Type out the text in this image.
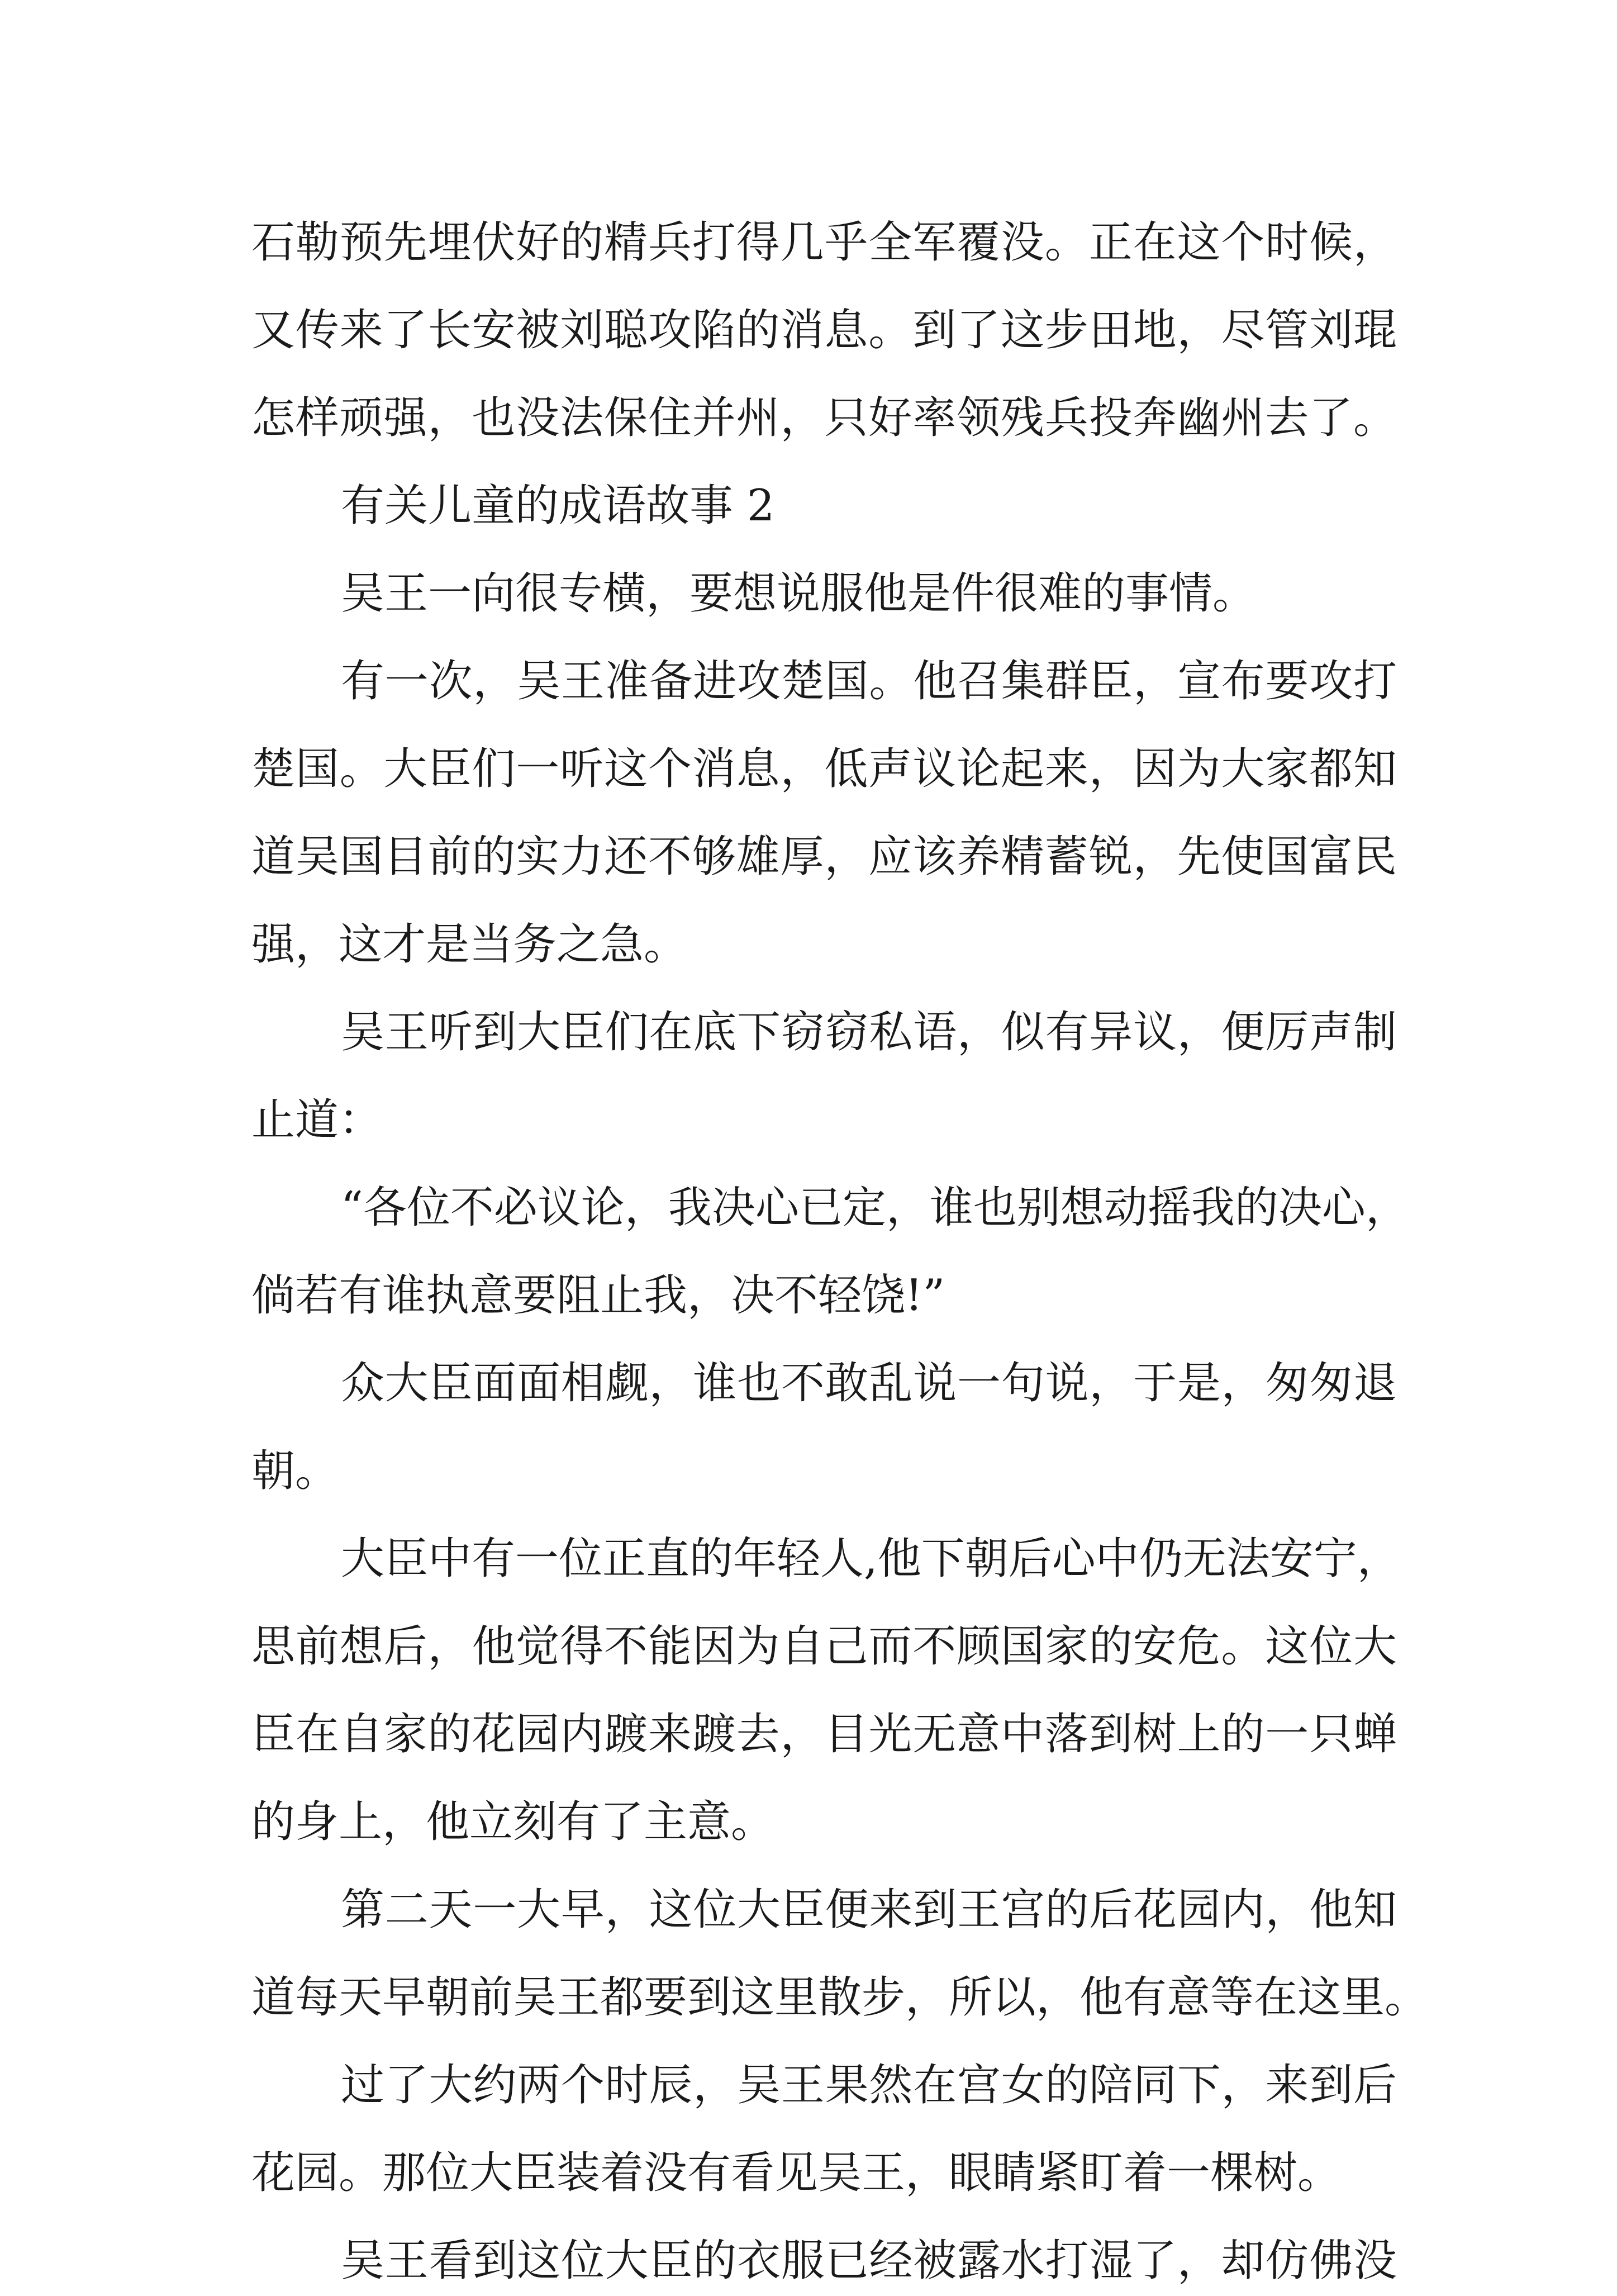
石勒预先埋伏好的精兵打得几乎全军覆没。正在这个时候，
又传来了长安被刘聪攻陷的消息。到了这步田地，尽管刘琨
怎样顽强，也没法保住并州，只好率领残兵投奔幽州去了。
有关儿童的成语故事 2
吴王一向很专横，要想说服他是件很难的事情。
有一次，吴王准备进攻楚国。他召集群臣，宣布要攻打
楚国。大臣们一听这个消息，低声议论起来，因为大家都知
道吴国目前的实力还不够雄厚，应该养精蓄锐，先使国富民
强，这才是当务之急。
吴王听到大臣们在底下窃窃私语，似有异议，便厉声制
止道：
“各位不必议论，我决心已定，谁也别想动摇我的决心，
倘若有谁执意要阻止我，决不轻饶!”
众大臣面面相觑，谁也不敢乱说一句说，于是，匆匆退
朝。
大臣中有一位正直的年轻人,他下朝后心中仍无法安宁，
思前想后，他觉得不能因为自己而不顾国家的安危。这位大
臣在自家的花园内踱来踱去，目光无意中落到树上的一只蝉
的身上，他立刻有了主意。
第二天一大早，这位大臣便来到王宫的后花园内，他知
道每天早朝前吴王都要到这里散步，所以，他有意等在这里。
过了大约两个时辰，吴王果然在宫女的陪同下，来到后
花园。那位大臣装着没有看见吴王，眼睛紧盯着一棵树。
吴王看到这位大臣的衣服已经被露水打湿了，却仿佛没
